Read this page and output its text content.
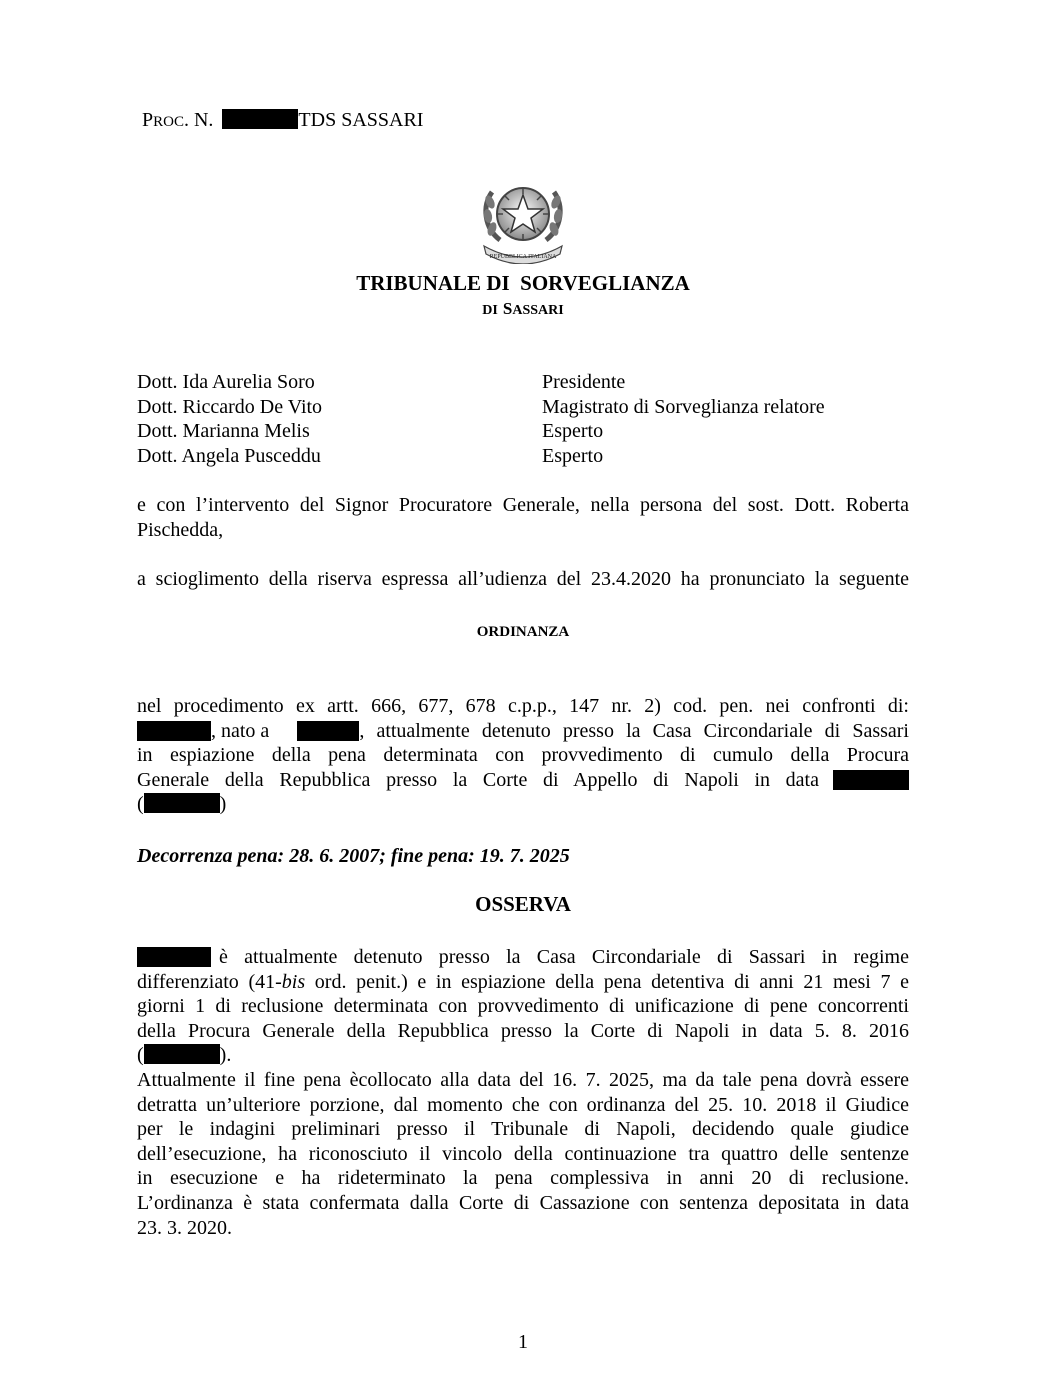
PROC. N.	TDS SASSARI
REPUBBLICA ITALIANA
TRIBUNALE DI  SORVEGLIANZA
DI SASSARI
Dott. Ida Aurelia Soro	Presidente
Dott. Riccardo De Vito	Magistrato di Sorveglianza relatore
Dott. Marianna Melis	Esperto
Dott. Angela Pusceddu	Esperto
e con l’intervento del Signor Procuratore Generale, nella persona del sost. Dott. Roberta
Pischedda,
a scioglimento della riserva espressa all’udienza del 23.4.2020 ha pronunciato la seguente
ORDINANZA
nel procedimento ex artt. 666, 677, 678 c.p.p., 147 nr. 2) cod. pen. nei confronti di:
, nato a	, attualmente detenuto presso la Casa Circondariale di Sassari
in espiazione della pena determinata con provvedimento di cumulo della Procura
Generale della Repubblica presso la Corte di Appello di Napoli in data
(	)
Decorrenza pena: 28. 6. 2007; fine pena: 19. 7. 2025
OSSERVA
è attualmente detenuto presso la Casa Circondariale di Sassari in regime
differenziato (41-bis ord. penit.) e in espiazione della pena detentiva di anni 21 mesi 7 e
giorni 1 di reclusione determinata con provvedimento di unificazione di pene concorrenti
della Procura Generale della Repubblica presso la Corte di Napoli in data 5. 8. 2016
(	).
Attualmente il fine pena ècollocato alla data del 16. 7. 2025, ma da tale pena dovrà essere
detratta un’ulteriore porzione, dal momento che con ordinanza del 25. 10. 2018 il Giudice
per le indagini preliminari presso il Tribunale di Napoli, decidendo quale giudice
dell’esecuzione, ha riconosciuto il vincolo della continuazione tra quattro delle sentenze
in esecuzione e ha rideterminato la pena complessiva in anni 20 di reclusione.
L’ordinanza è stata confermata dalla Corte di Cassazione con sentenza depositata in data
23. 3. 2020.
1
